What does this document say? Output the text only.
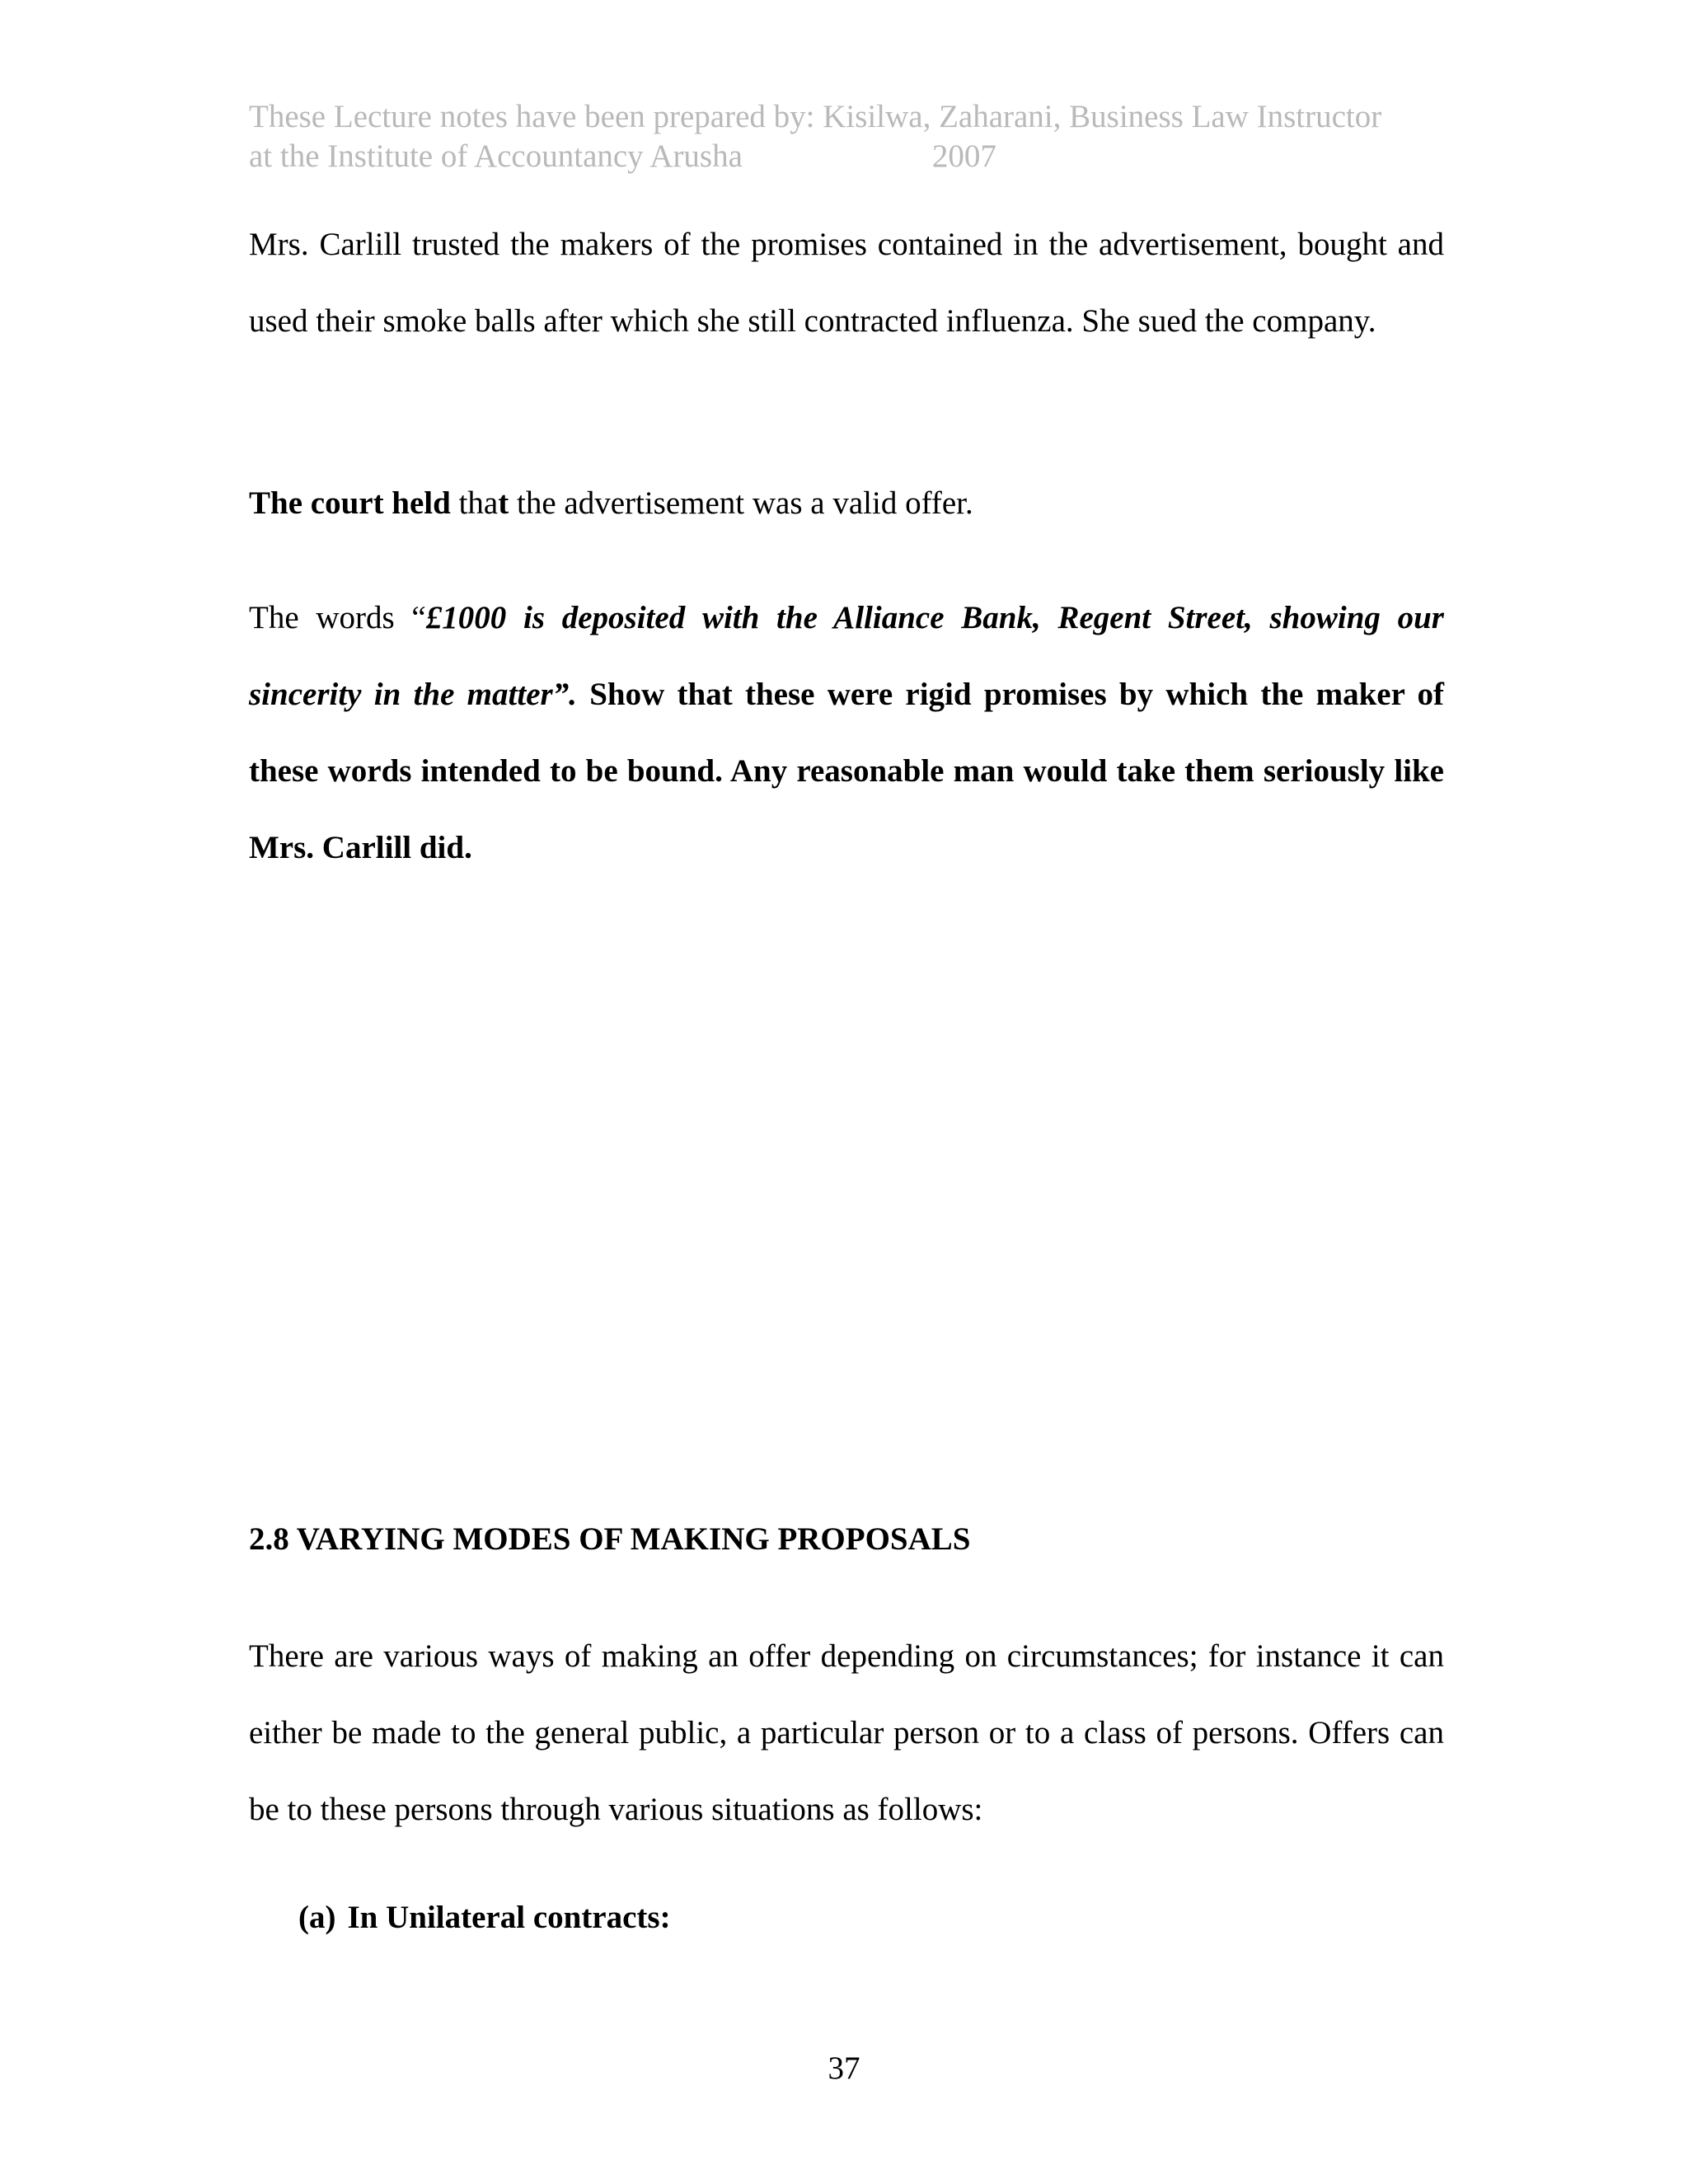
These Lecture notes have been prepared by: Kisilwa, Zaharani, Business Law Instructor
at the Institute of Accountancy Arusha	2007

Mrs. Carlill trusted the makers of the promises contained in the advertisement, bought and used their smoke balls after which she still contracted influenza. She sued the company.

The court held that the advertisement was a valid offer.

The words “£1000 is deposited with the Alliance Bank, Regent Street, showing our sincerity in the matter”. Show that these were rigid promises by which the maker of these words intended to be bound. Any reasonable man would take them seriously like Mrs. Carlill did.

2.8 VARYING MODES OF MAKING PROPOSALS

There are various ways of making an offer depending on circumstances; for instance it can either be made to the general public, a particular person or to a class of persons. Offers can be to these persons through various situations as follows:

(a) In Unilateral contracts:
37
